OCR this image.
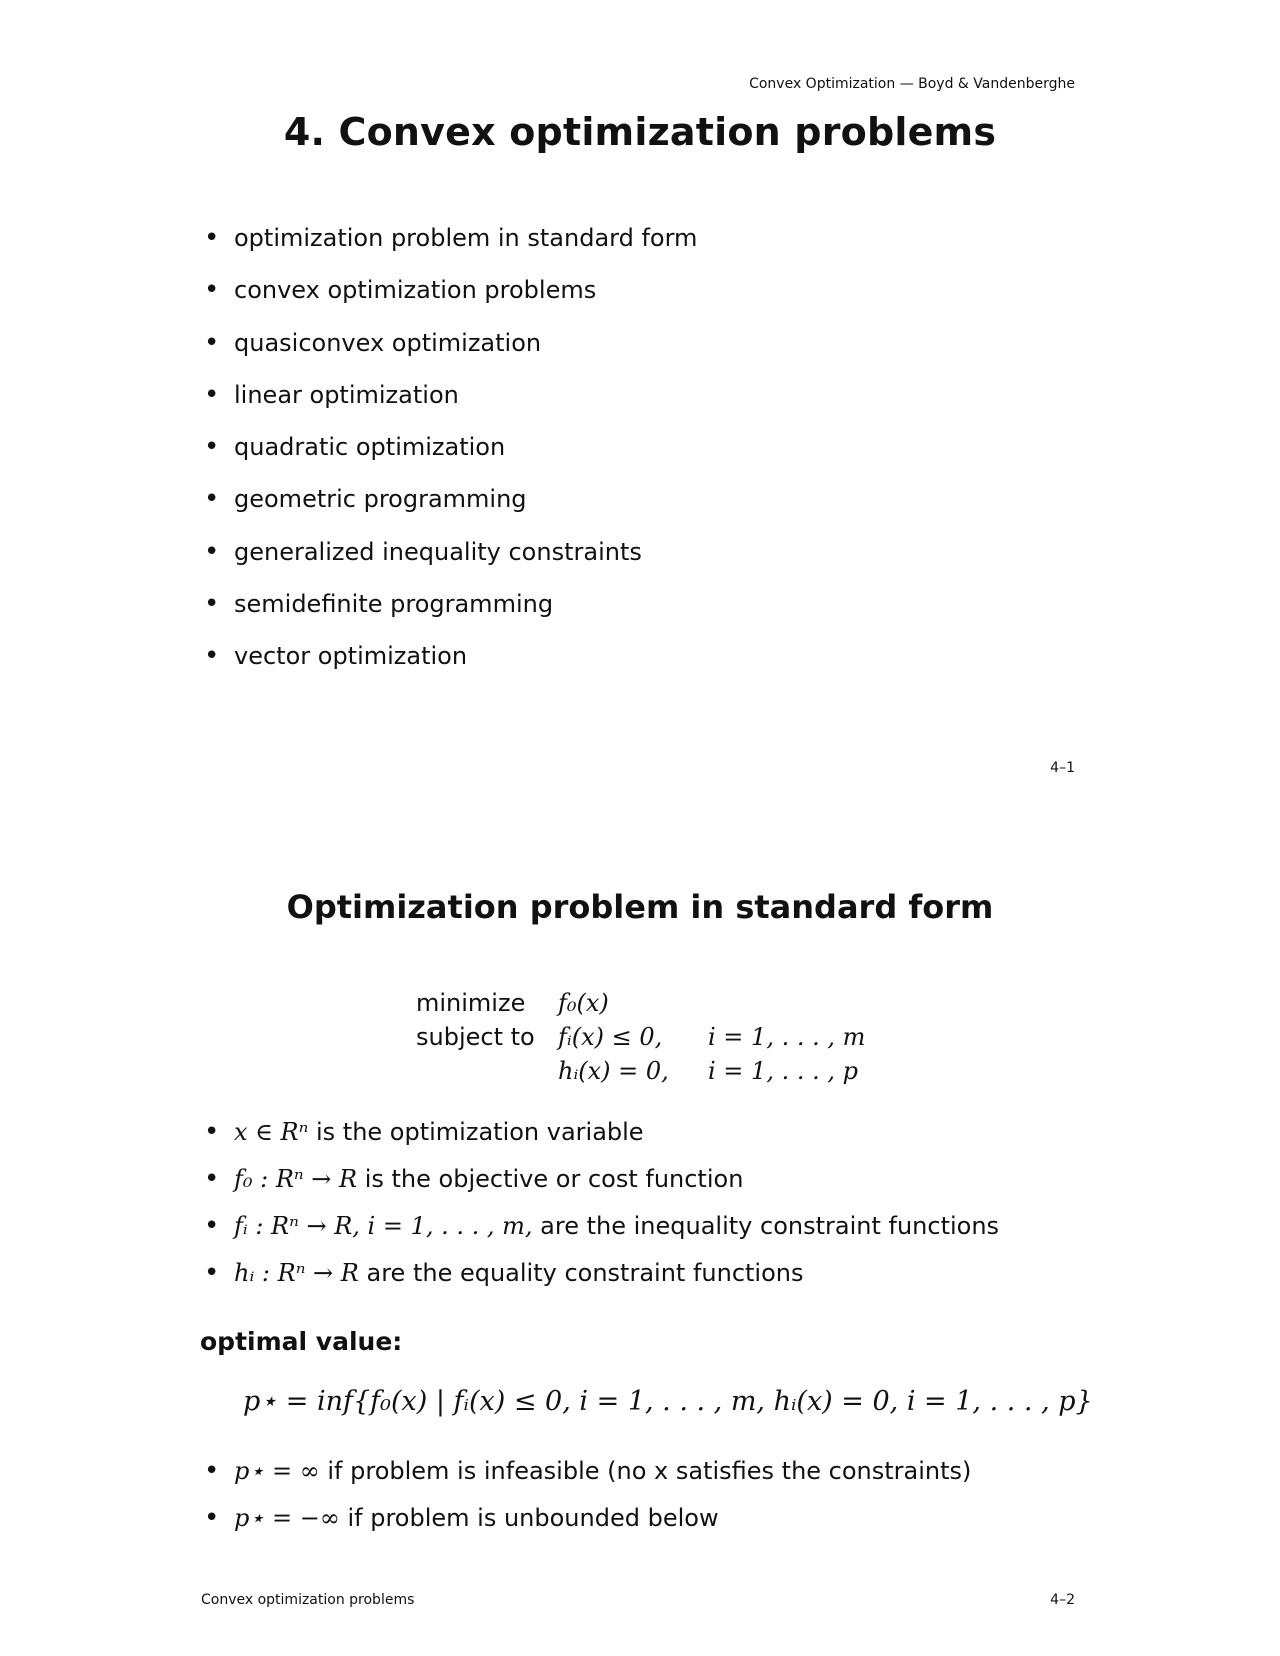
Convex Optimization — Boyd & Vandenberghe
4. Convex optimization problems
• optimization problem in standard form
• convex optimization problems
• quasiconvex optimization
• linear optimization
• quadratic optimization
• geometric programming
• generalized inequality constraints
• semidefinite programming
• vector optimization
4–1
Optimization problem in standard form
minimize	f₀(x)	
subject to	fᵢ(x) ≤ 0,	i = 1, . . . , m
	hᵢ(x) = 0,	i = 1, . . . , p
• x ∈ Rⁿ is the optimization variable
• f₀ : Rⁿ → R is the objective or cost function
• fᵢ : Rⁿ → R, i = 1, . . . , m, are the inequality constraint functions
• hᵢ : Rⁿ → R are the equality constraint functions
optimal value:
p⋆ = inf{f₀(x) | fᵢ(x) ≤ 0, i = 1, . . . , m, hᵢ(x) = 0, i = 1, . . . , p}
• p⋆ = ∞ if problem is infeasible (no x satisfies the constraints)
• p⋆ = −∞ if problem is unbounded below
Convex optimization problems	4–2
